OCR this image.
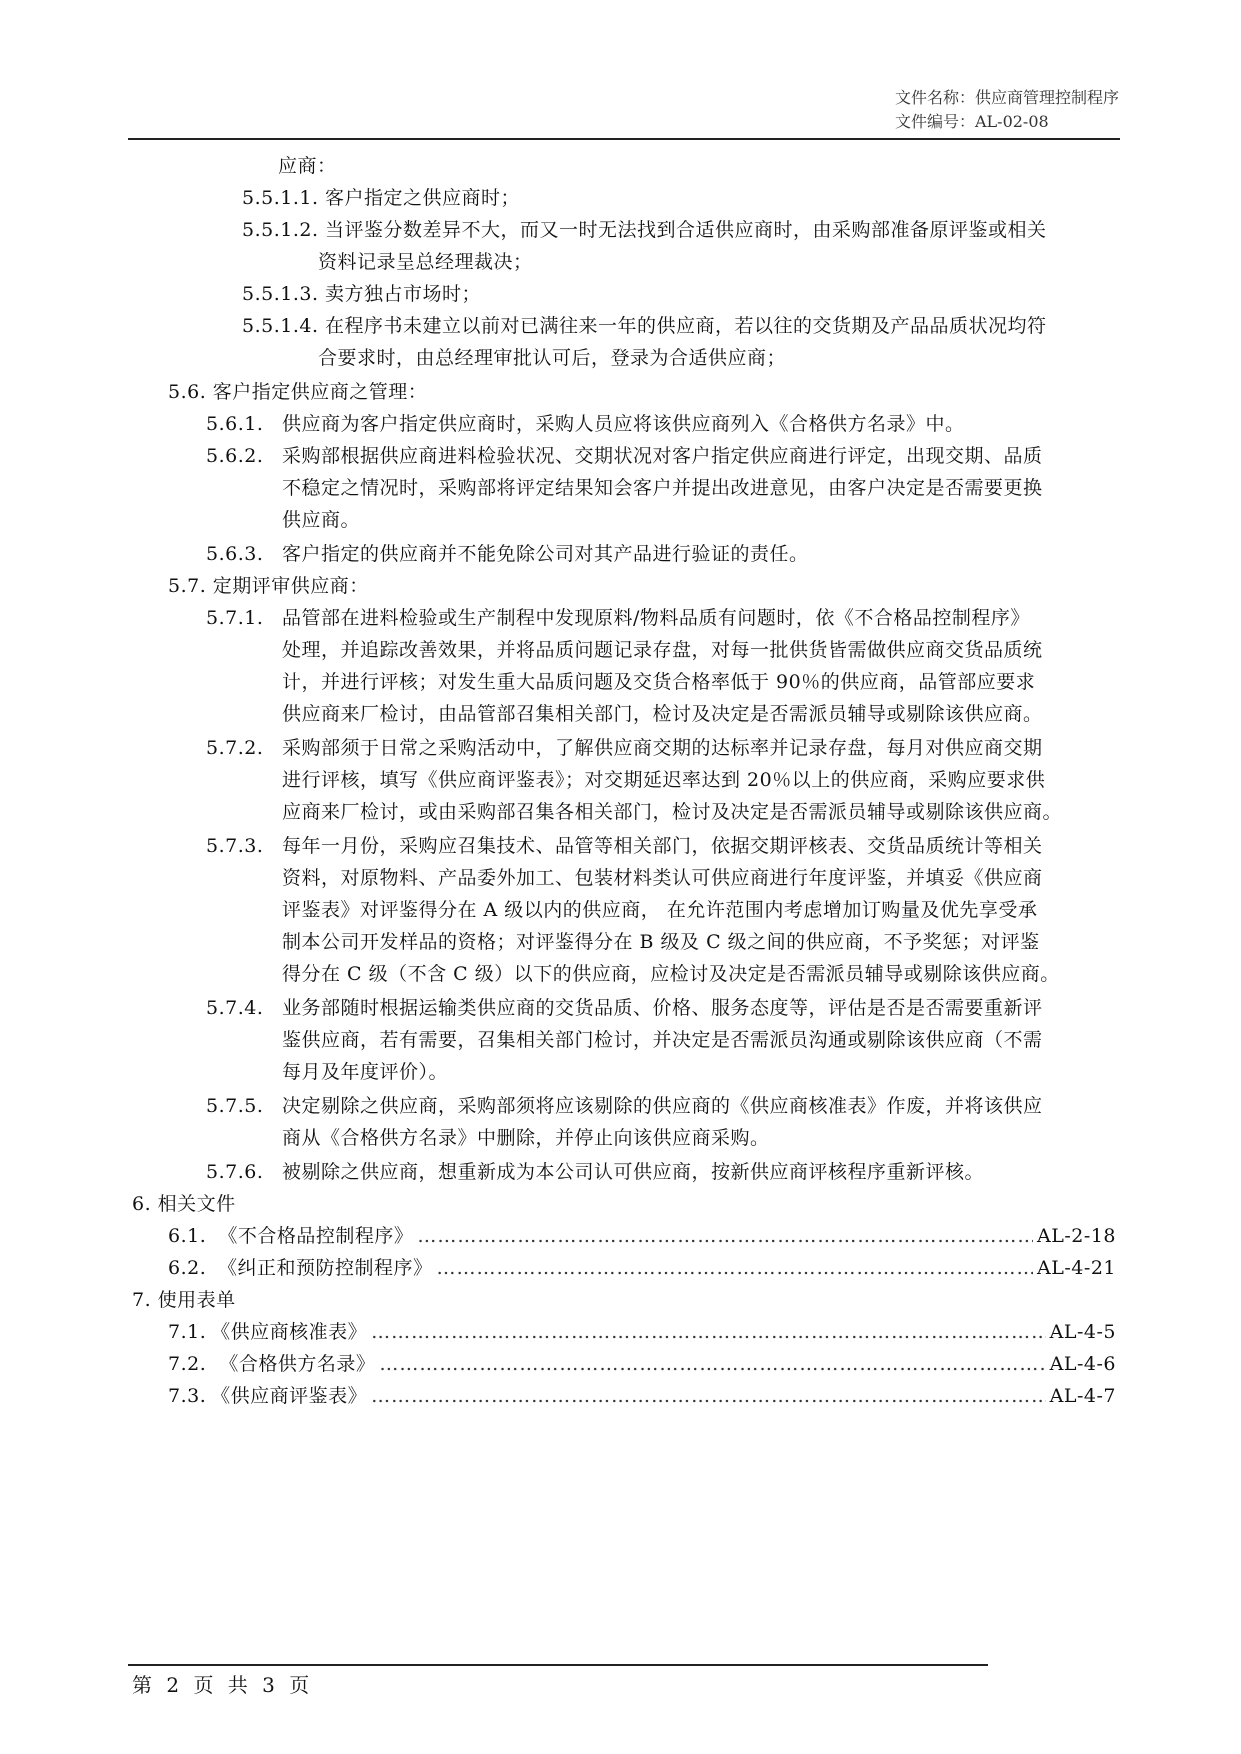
文件名称：供应商管理控制程序
文件编号：AL-02-08
应商：
5.5.1.1. 客户指定之供应商时；
5.5.1.2. 当评鉴分数差异不大，而又一时无法找到合适供应商时，由采购部准备原评鉴或相关
资料记录呈总经理裁决；
5.5.1.3. 卖方独占市场时；
5.5.1.4. 在程序书未建立以前对已满往来一年的供应商，若以往的交货期及产品品质状况均符
合要求时，由总经理审批认可后，登录为合适供应商；
5.6. 客户指定供应商之管理：
5.6.1. 供应商为客户指定供应商时，采购人员应将该供应商列入《合格供方名录》中。
5.6.2. 采购部根据供应商进料检验状况、交期状况对客户指定供应商进行评定，出现交期、品质
不稳定之情况时，采购部将评定结果知会客户并提出改进意见，由客户决定是否需要更换
供应商。
5.6.3. 客户指定的供应商并不能免除公司对其产品进行验证的责任。
5.7. 定期评审供应商：
5.7.1. 品管部在进料检验或生产制程中发现原料/物料品质有问题时，依《不合格品控制程序》
处理，并追踪改善效果，并将品质问题记录存盘，对每一批供货皆需做供应商交货品质统
计，并进行评核；对发生重大品质问题及交货合格率低于 90％的供应商，品管部应要求
供应商来厂检讨，由品管部召集相关部门，检讨及决定是否需派员辅导或剔除该供应商。
5.7.2. 采购部须于日常之采购活动中，了解供应商交期的达标率并记录存盘，每月对供应商交期
进行评核，填写《供应商评鉴表》；对交期延迟率达到 20％以上的供应商，采购应要求供
应商来厂检讨，或由采购部召集各相关部门，检讨及决定是否需派员辅导或剔除该供应商。
5.7.3. 每年一月份，采购应召集技术、品管等相关部门，依据交期评核表、交货品质统计等相关
资料，对原物料、产品委外加工、包装材料类认可供应商进行年度评鉴，并填妥《供应商
评鉴表》对评鉴得分在 A 级以内的供应商， 在允许范围内考虑增加订购量及优先享受承
制本公司开发样品的资格；对评鉴得分在 B 级及 C 级之间的供应商，不予奖惩；对评鉴
得分在 C 级（不含 C 级）以下的供应商，应检讨及决定是否需派员辅导或剔除该供应商。
5.7.4. 业务部随时根据运输类供应商的交货品质、价格、服务态度等，评估是否是否需要重新评
鉴供应商，若有需要，召集相关部门检讨，并决定是否需派员沟通或剔除该供应商（不需
每月及年度评价）。
5.7.5. 决定剔除之供应商，采购部须将应该剔除的供应商的《供应商核准表》作废，并将该供应
商从《合格供方名录》中删除，并停止向该供应商采购。
5.7.6. 被剔除之供应商，想重新成为本公司认可供应商，按新供应商评核程序重新评核。
6. 相关文件
6.1. 《不合格品控制程序》 ……………………………………………………………………………………………………………………………………………………	AL-2-18
6.2. 《纠正和预防控制程序》 ……………………………………………………………………………………………………………………………………………………	AL-4-21
7. 使用表单
7.1. 《供应商核准表》 ……………………………………………………………………………………………………………………………………………………	AL-4-5
7.2. 《合格供方名录》 ……………………………………………………………………………………………………………………………………………………	AL-4-6
7.3. 《供应商评鉴表》 ……………………………………………………………………………………………………………………………………………………	AL-4-7
第 2 页 共 3 页
